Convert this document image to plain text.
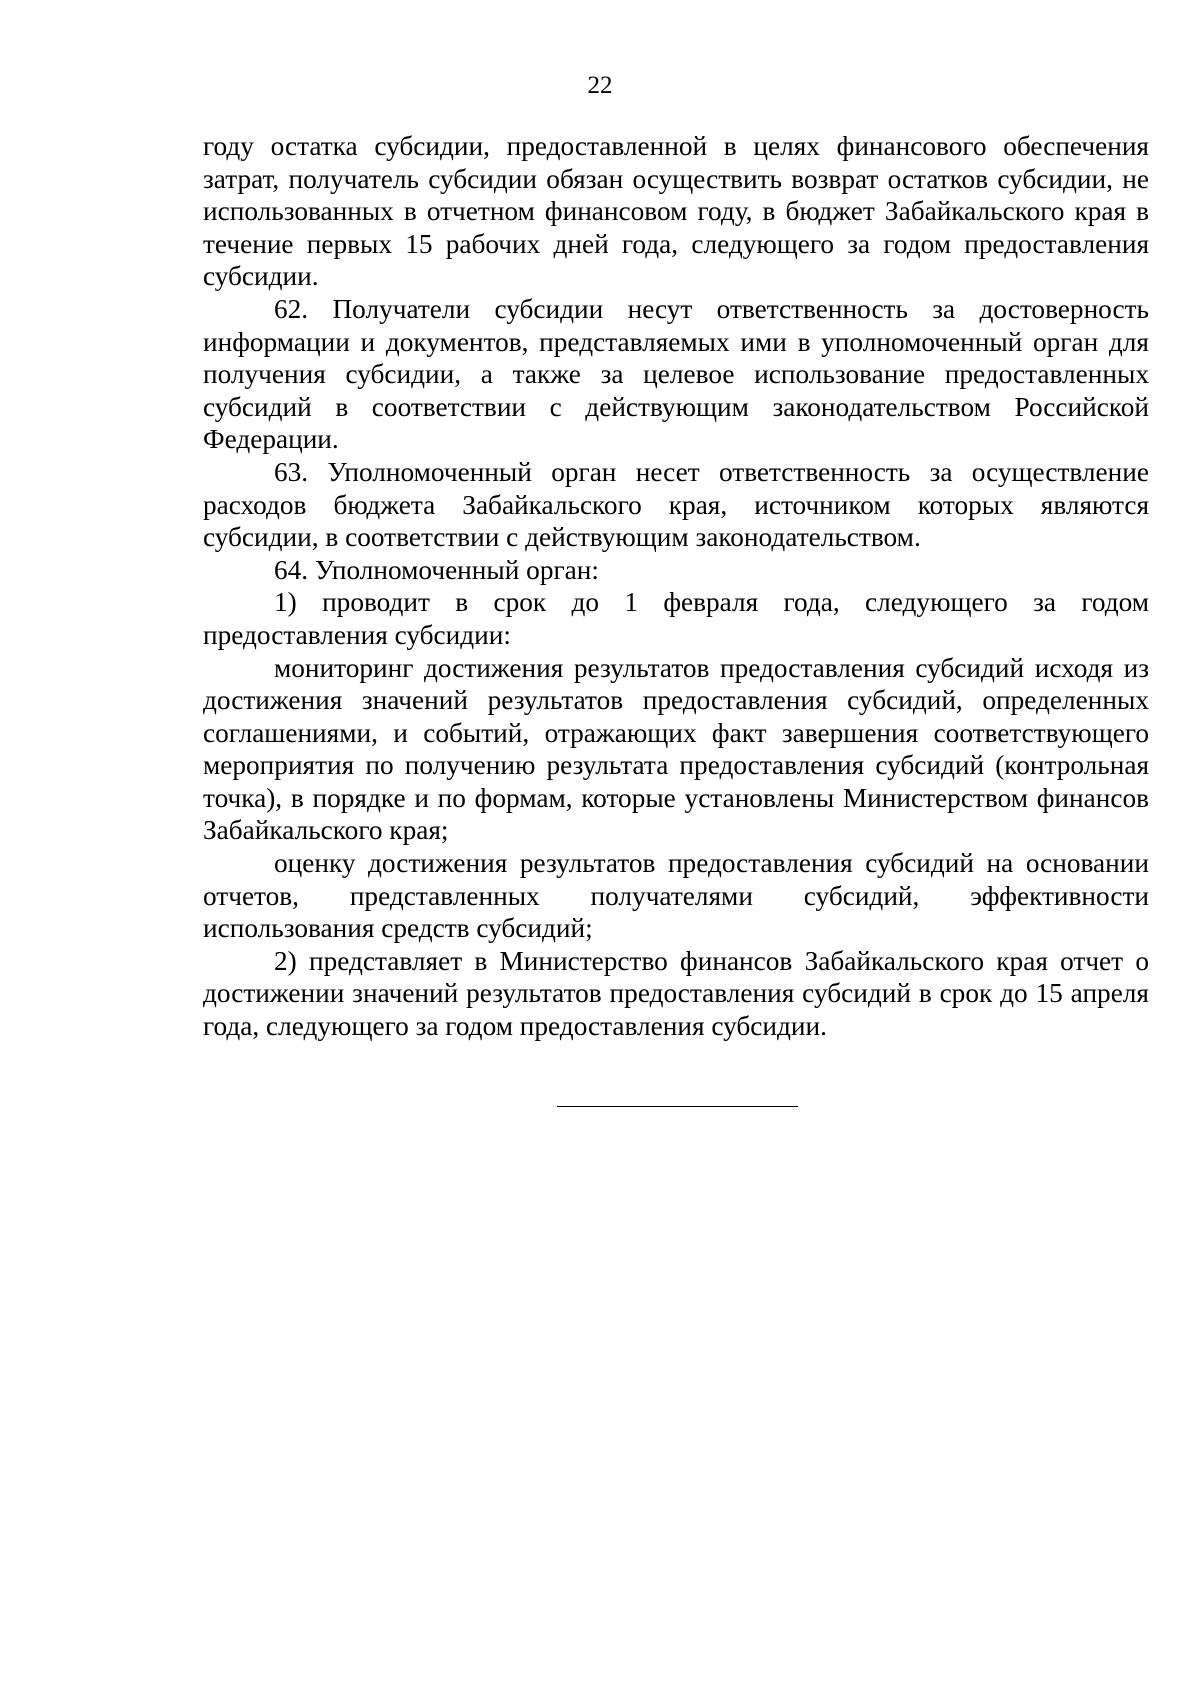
22

году остатка субсидии, предоставленной в целях финансового обеспечения затрат, получатель субсидии обязан осуществить возврат остатков субсидии, не использованных в отчетном финансовом году, в бюджет Забайкальского края в течение первых 15 рабочих дней года, следующего за годом предоставления субсидии.

62. Получатели субсидии несут ответственность за достоверность информации и документов, представляемых ими в уполномоченный орган для получения субсидии, а также за целевое использование предоставленных субсидий в соответствии с действующим законодательством Российской Федерации.

63. Уполномоченный орган несет ответственность за осуществление расходов бюджета Забайкальского края, источником которых являются субсидии, в соответствии с действующим законодательством.

64. Уполномоченный орган:

1) проводит в срок до 1 февраля года, следующего за годом предоставления субсидии:

мониторинг достижения результатов предоставления субсидий исходя из достижения значений результатов предоставления субсидий, определенных соглашениями, и событий, отражающих факт завершения соответствующего мероприятия по получению результата предоставления субсидий (контрольная точка), в порядке и по формам, которые установлены Министерством финансов Забайкальского края;

оценку достижения результатов предоставления субсидий на основании отчетов, представленных получателями субсидий, эффективности использования средств субсидий;

2) представляет в Министерство финансов Забайкальского края отчет о достижении значений результатов предоставления субсидий в срок до 15 апреля года, следующего за годом предоставления субсидии.
